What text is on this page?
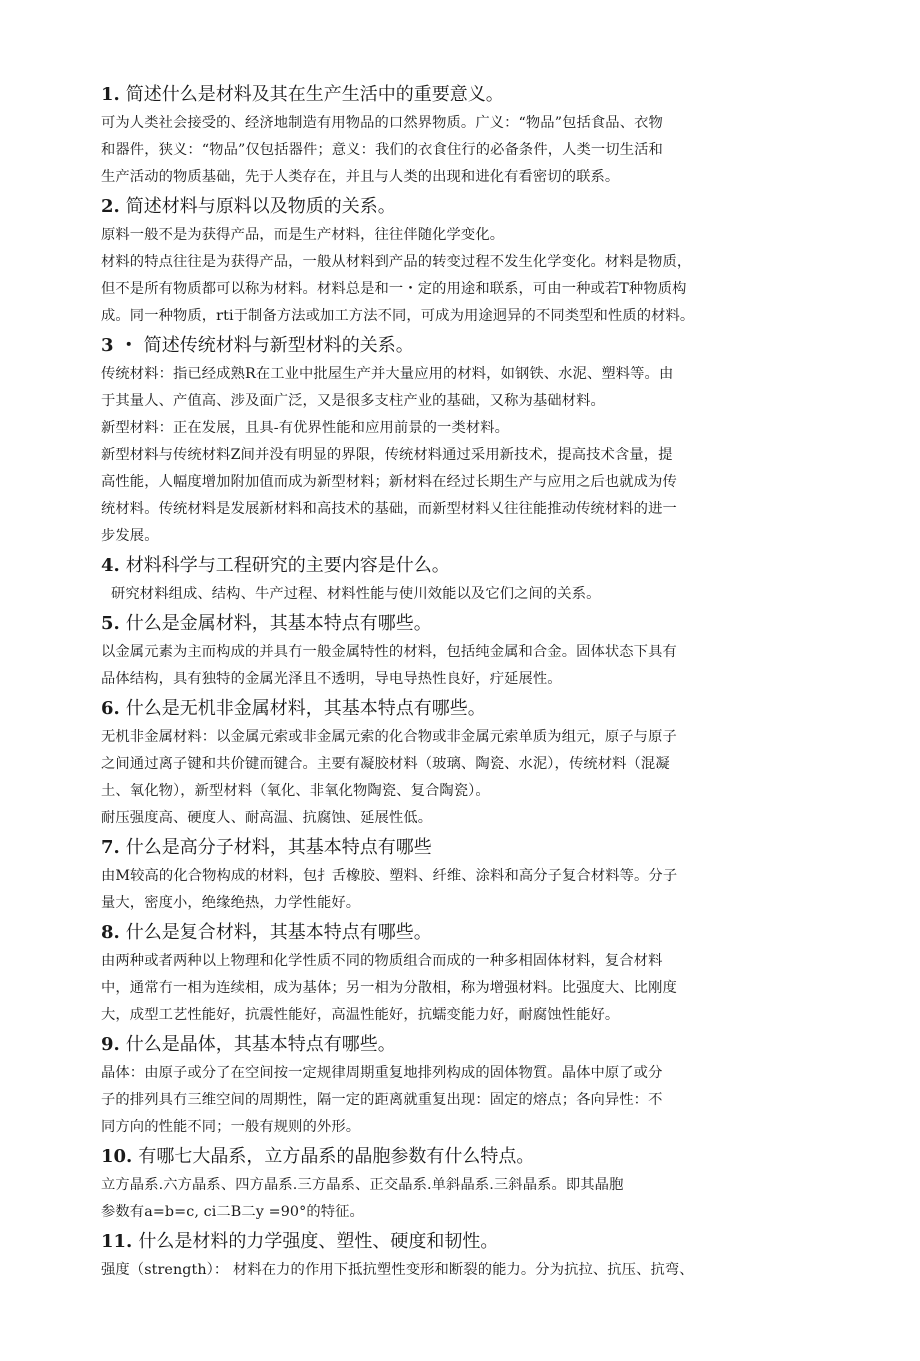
1. 简述什么是材料及其在生产生活中的重要意义。
可为人类社会接受的、经济地制造有用物品的口然界物质。广义：“物品”包括食品、衣物
和器件，狭义：“物品”仅包括器件；意义：我们的衣食住行的必备条件，人类一切生活和
生产活动的物质基础，先于人类存在，并且与人类的出现和进化有看密切的联系。
2. 简述材料与原料以及物质的关系。
原料一般不是为获得产品，而是生产材料，往往伴随化学变化。
材料的特点往往是为获得产品，一般从材料到产品的转变过程不发生化学变化。材料是物质，
但不是所有物质都可以称为材料。材料总是和一・定的用途和联系，可由一种或若T种物质构
成。同一种物质，rti于制备方法或加工方法不同，可成为用途迥异的不同类型和性质的材料。
3 ・ 简述传统材料与新型材料的关系。
传统材料：指已经成熟R在工业中批屋生产并大量应用的材料，如钢铁、水泥、塑料等。由
于其量人、产值高、涉及面广泛，又是很多支柱产业的基础，又称为基础材料。
新型材料：正在发展，且具-有优界性能和应用前景的一类材料。
新型材料与传统材料Z间并没有明显的界限，传统材料通过采用新技术，提高技术含量，提
高性能，人幅度增加附加值而成为新型材料；新材料在经过长期生产与应用之后也就成为传
统材料。传统材料是发展新材料和高技术的基础，而新型材料乂往往能推动传统材料的进一
步发展。
4. 材料科学与工程研究的主要内容是什么。
研究材料组成、结构、牛产过程、材料性能与使川效能以及它们之间的关系。
5. 什么是金属材料，其基本特点有哪些。
以金属元素为主而构成的并具冇一般金属特性的材料，包括纯金属和合金。固体状态下具有
品体结构，具有独特的金属光泽且不透明，导电导热性良好，疔延展性。
6. 什么是无机非金属材料，其基本特点有哪些。
无机非金属材料：以金属元索或非金属元索的化合物或非金属元索单质为组元，原子与原子
之间通过离子键和共价键而键合。主要有凝胶材料（玻璃、陶瓷、水泥），传统材料（混凝
土、氧化物），新型材料（氧化、非氧化物陶瓷、复合陶瓷）。
耐压强度高、硬度人、耐高温、抗腐蚀、延展性低。
7. 什么是高分子材料，其基本特点有哪些
由M较高的化合物构成的材料，包扌舌橡胶、塑料、纤维、涂料和高分子复合材料等。分子
量大，密度小，绝缘绝热，力学性能好。
8. 什么是复合材料，其基本特点有哪些。
由两种或者两种以上物理和化学性质不同的物质组合而成的一种多相固体材料，复合材料
中，通常冇一相为连续相，成为基体；另一相为分散相，称为增强材料。比强度大、比刚度
大，成型工艺性能好，抗震性能好，高温性能好，抗蠕变能力好，耐腐蚀性能好。
9. 什么是晶体，其基本特点有哪些。
晶体：由原子或分了在空间按一定规律周期重复地排列构成的固体物質。晶体中原了或分
子的排列具冇三维空间的周期性，隔一定的距离就重复出现：固定的熔点；各向异性：不
同方向的性能不同；一般有规则的外形。
10. 有哪七大晶系，立方晶系的晶胞参数有什么特点。
立方晶系.六方晶系、四方晶系.三方晶系、正交晶系.单斜晶系.三斜晶系。即其晶胞
参数有a=b=c, ci二B二y =90°的特征。
11. 什么是材料的力学强度、塑性、硬度和韧性。
强度（strength）： 材料在力的作用下抵抗塑性变形和断裂的能力。分为抗拉、抗压、抗弯、
